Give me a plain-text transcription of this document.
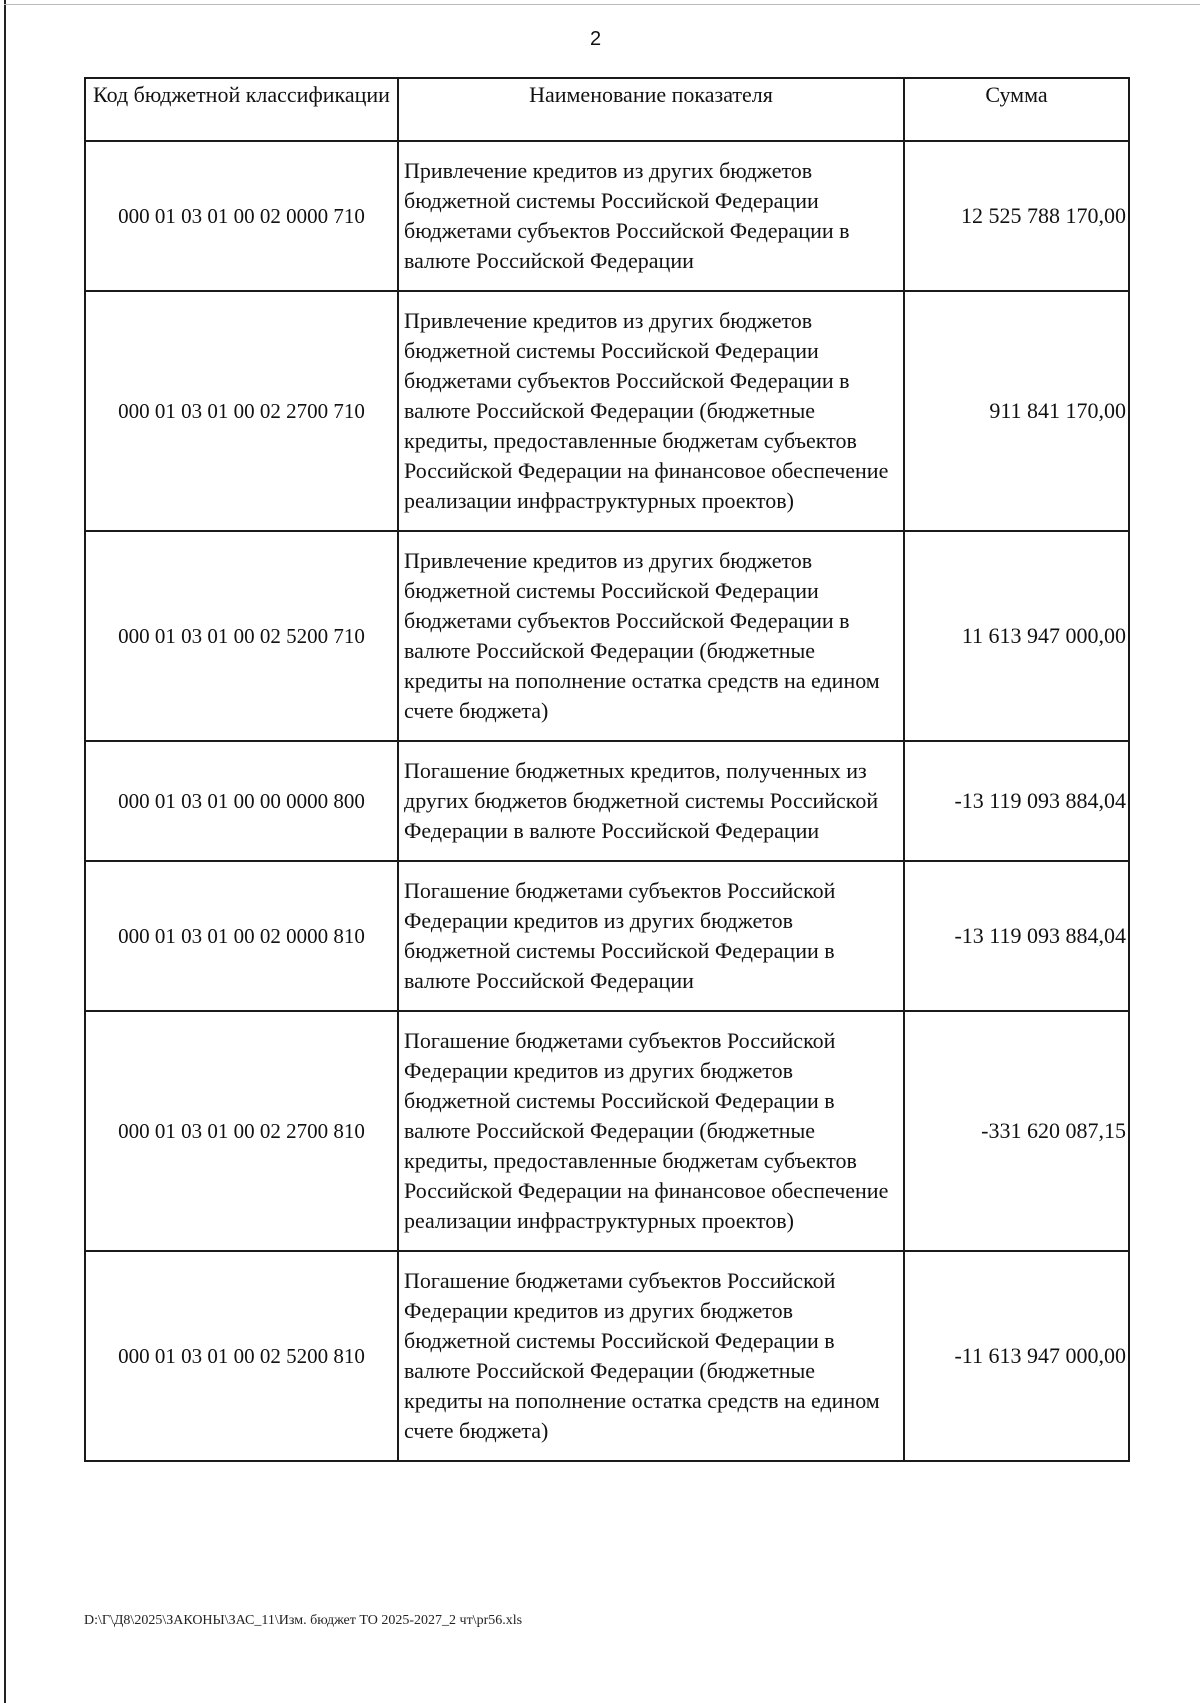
2
Код бюджетной классификации	Наименование показателя	Сумма
000 01 03 01 00 02 0000 710	Привлечение кредитов из других бюджетов бюджетной системы Российской Федерации бюджетами субъектов Российской Федерации в валюте Российской Федерации	12 525 788 170,00
000 01 03 01 00 02 2700 710	Привлечение кредитов из других бюджетов бюджетной системы Российской Федерации бюджетами субъектов Российской Федерации в валюте Российской Федерации (бюджетные кредиты, предоставленные бюджетам субъектов Российской Федерации на финансовое обеспечение реализации инфраструктурных проектов)	911 841 170,00
000 01 03 01 00 02 5200 710	Привлечение кредитов из других бюджетов бюджетной системы Российской Федерации бюджетами субъектов Российской Федерации в валюте Российской Федерации (бюджетные кредиты на пополнение остатка средств на едином счете бюджета)	11 613 947 000,00
000 01 03 01 00 00 0000 800	Погашение бюджетных кредитов, полученных из других бюджетов бюджетной системы Российской Федерации в валюте Российской Федерации	-13 119 093 884,04
000 01 03 01 00 02 0000 810	Погашение бюджетами субъектов Российской Федерации кредитов из других бюджетов бюджетной системы Российской Федерации в валюте Российской Федерации	-13 119 093 884,04
000 01 03 01 00 02 2700 810	Погашение бюджетами субъектов Российской Федерации кредитов из других бюджетов бюджетной системы Российской Федерации в валюте Российской Федерации (бюджетные кредиты, предоставленные бюджетам субъектов Российской Федерации на финансовое обеспечение реализации инфраструктурных проектов)	-331 620 087,15
000 01 03 01 00 02 5200 810	Погашение бюджетами субъектов Российской Федерации кредитов из других бюджетов бюджетной системы Российской Федерации в валюте Российской Федерации (бюджетные кредиты на пополнение остатка средств на едином счете бюджета)	-11 613 947 000,00
D:\Г\Д8\2025\ЗАКОНЫ\ЗАС_11\Изм. бюджет ТО 2025-2027_2 чт\pr56.xls
